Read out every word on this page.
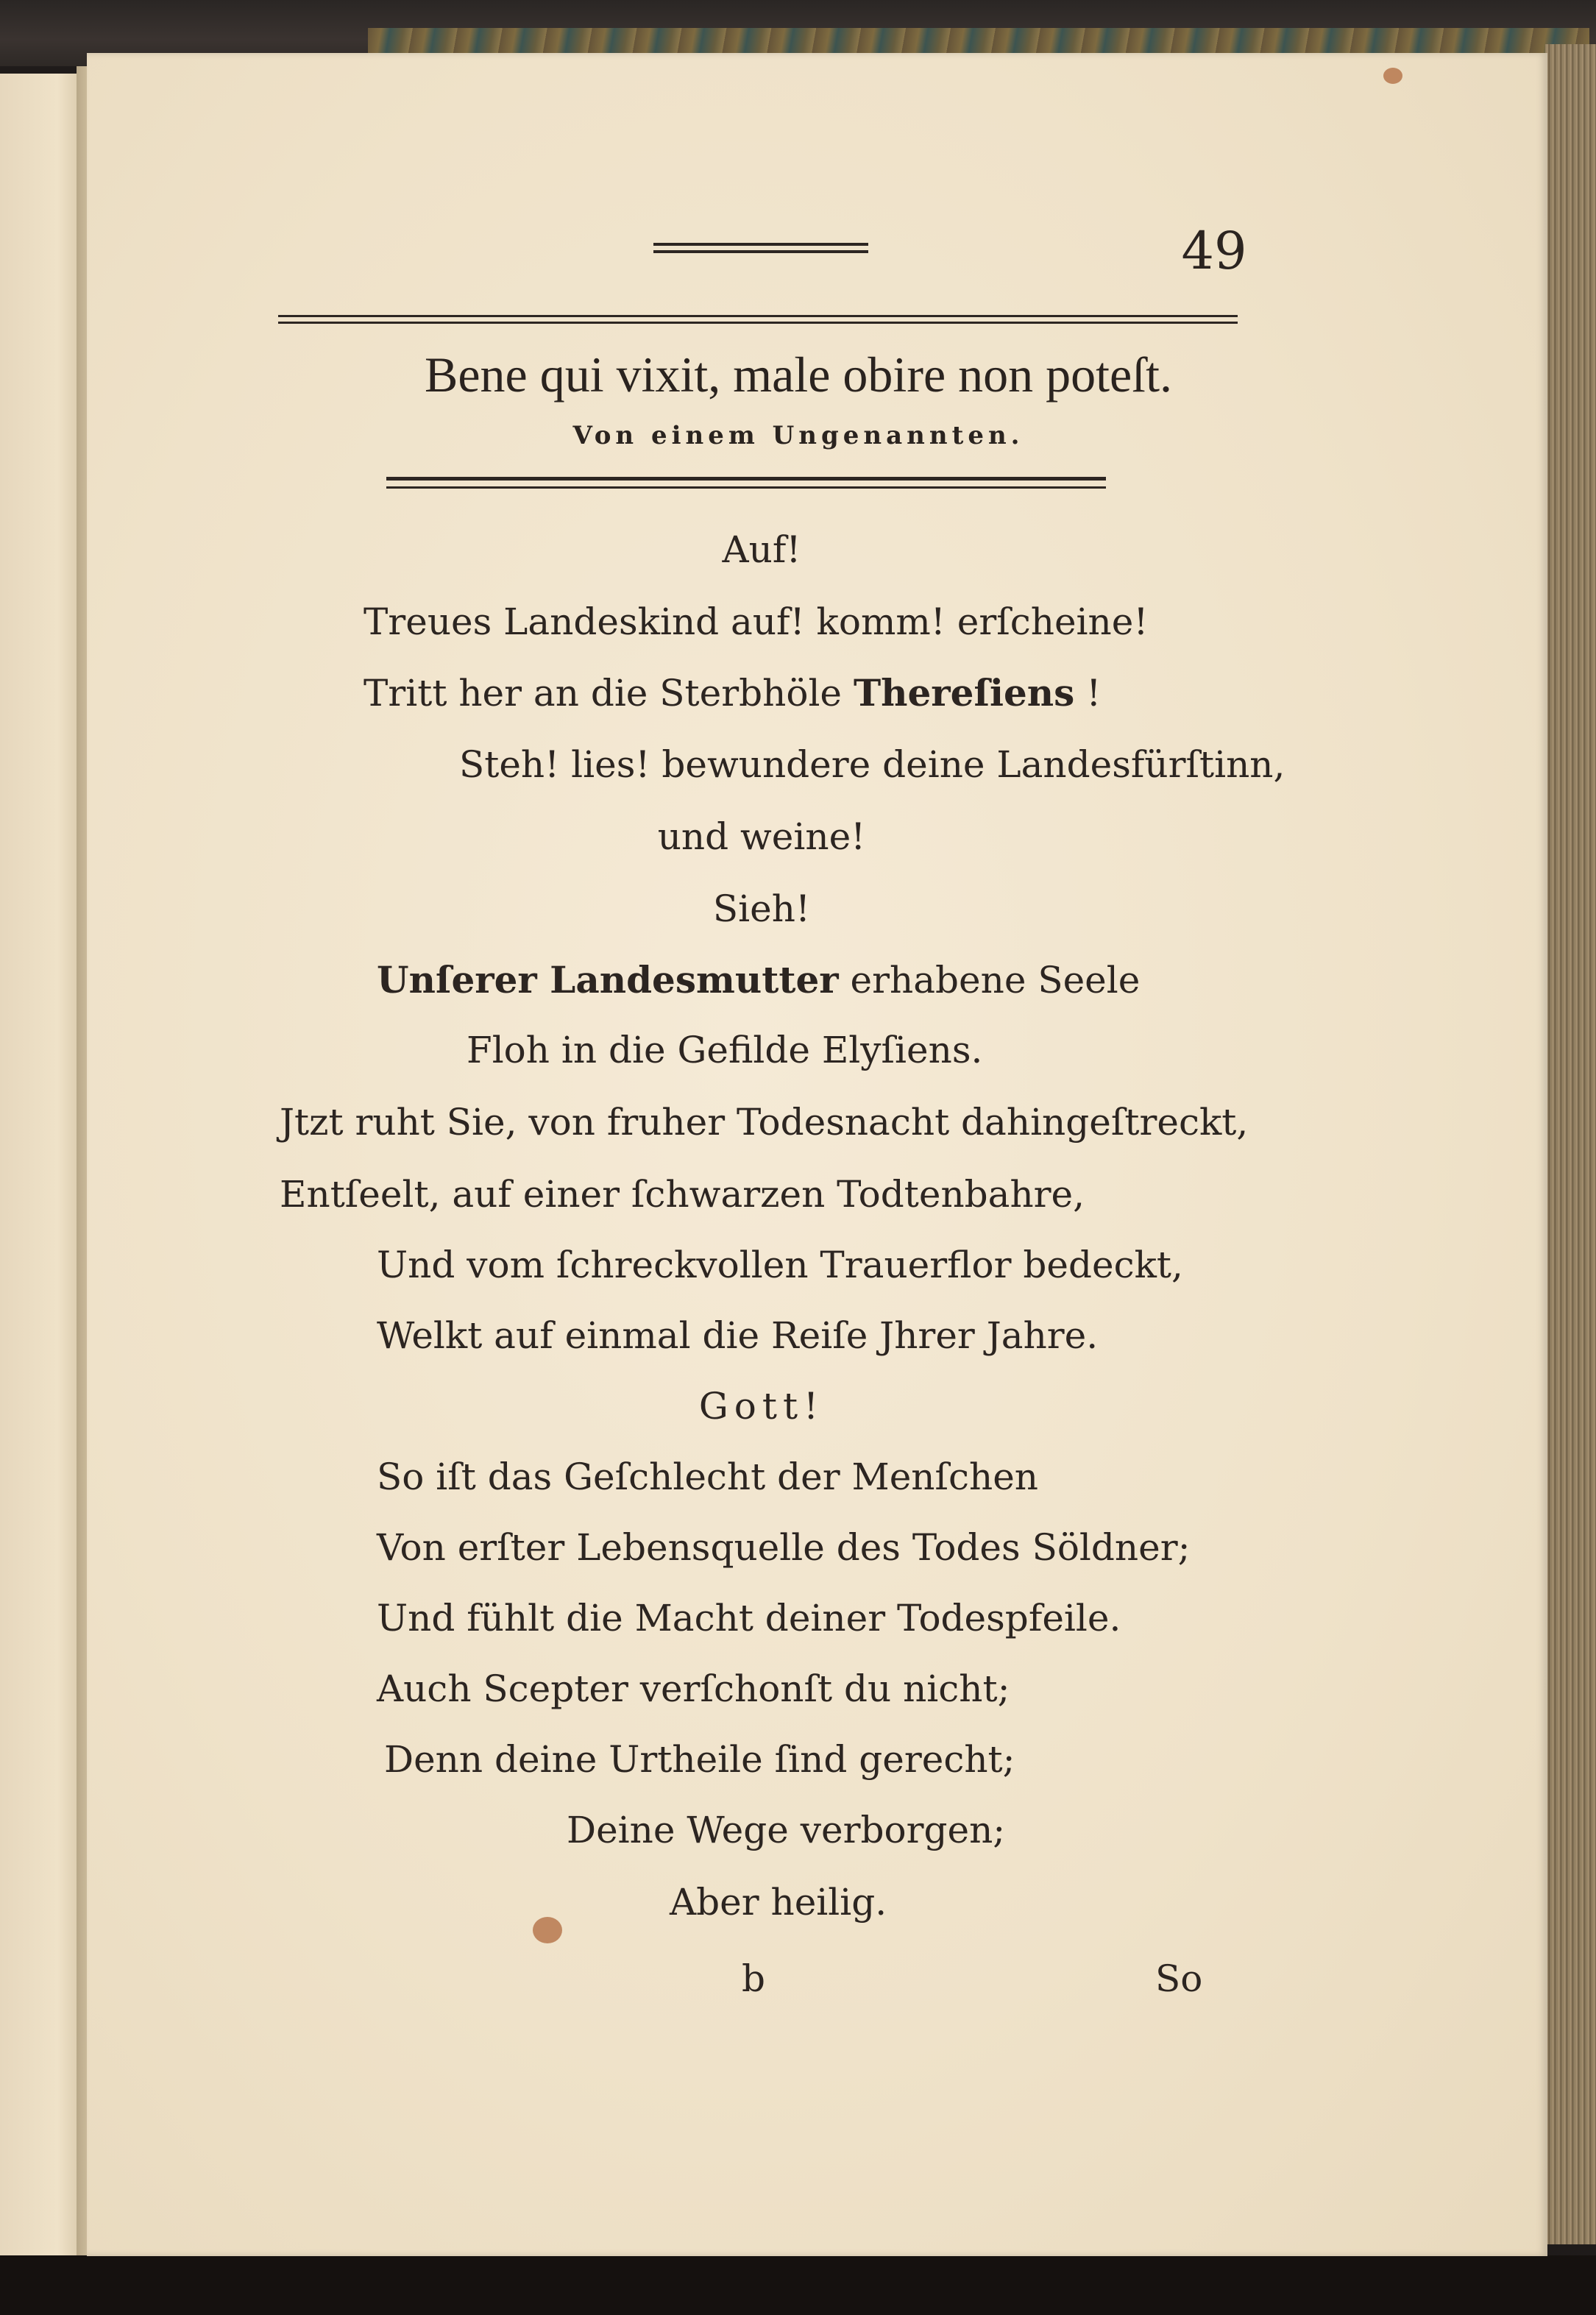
49

Bene qui vixit, male obire non poteſt.

Von einem Ungenannten.

Auf!

Treues Landeskind auf! komm! erſcheine!

Tritt her an die Sterbhöle Thereſiens !

Steh! lies! bewundere deine Landesfürſtinn,

und weine!

Sieh!

Unſerer Landesmutter erhabene Seele

Floh in die Gefilde Elyſiens.

Jtzt ruht Sie, von fruher Todesnacht dahingeſtreckt,

Entſeelt, auf einer ſchwarzen Todtenbahre,

Und vom ſchreckvollen Trauerflor bedeckt,

Welkt auf einmal die Reiſe Jhrer Jahre.

Gott!

So iſt das Geſchlecht der Menſchen

Von erſter Lebensquelle des Todes Söldner;

Und fühlt die Macht deiner Todespfeile.

Auch Scepter verſchonſt du nicht;

Denn deine Urtheile ſind gerecht;

Deine Wege verborgen;

Aber heilig.

b	So
